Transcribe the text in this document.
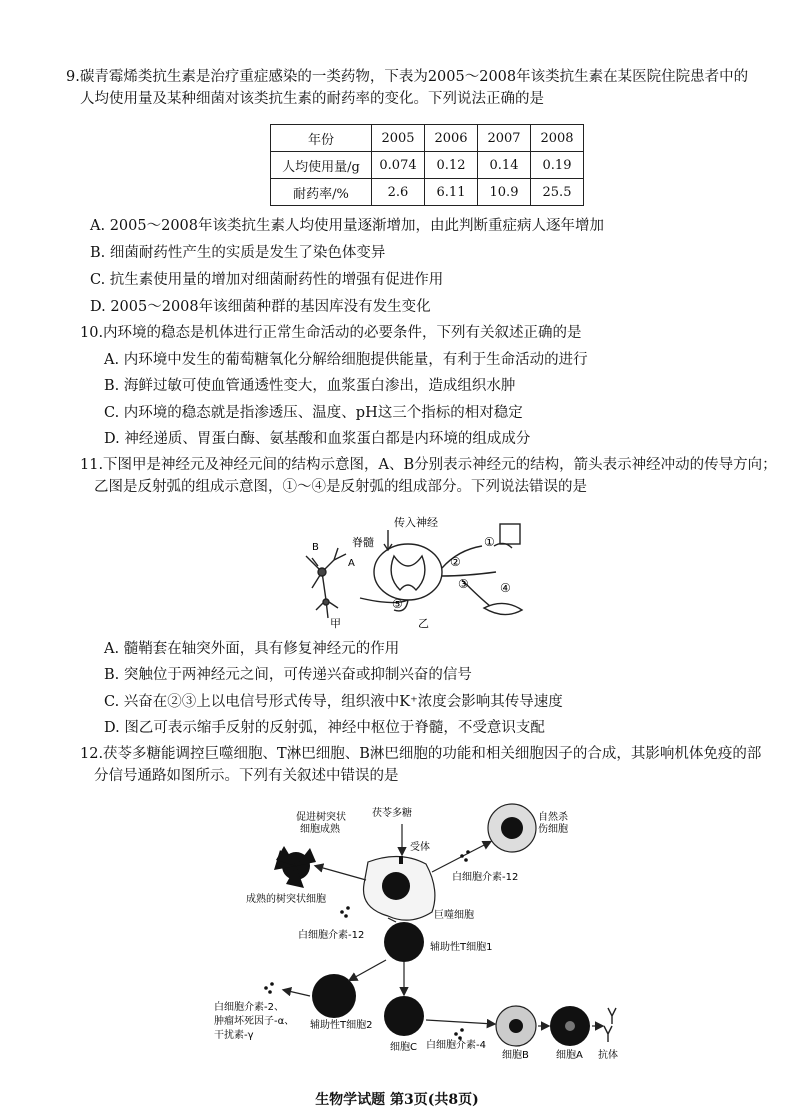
9.碳青霉烯类抗生素是治疗重症感染的一类药物，下表为2005～2008年该类抗生素在某医院住院患者中的
人均使用量及某种细菌对该类抗生素的耐药率的变化。下列说法正确的是
年份	2005	2006	2007	2008
人均使用量/g	0.074	0.12	0.14	0.19
耐药率/%	2.6	6.11	10.9	25.5
A. 2005～2008年该类抗生素人均使用量逐渐增加，由此判断重症病人逐年增加
B. 细菌耐药性产生的实质是发生了染色体变异
C. 抗生素使用量的增加对细菌耐药性的增强有促进作用
D. 2005～2008年该细菌种群的基因库没有发生变化
10.内环境的稳态是机体进行正常生命活动的必要条件，下列有关叙述正确的是
A. 内环境中发生的葡萄糖氧化分解给细胞提供能量，有利于生命活动的进行
B. 海鲜过敏可使血管通透性变大，血浆蛋白渗出，造成组织水肿
C. 内环境的稳态就是指渗透压、温度、pH这三个指标的相对稳定
D. 神经递质、胃蛋白酶、氨基酸和血浆蛋白都是内环境的组成成分
11.下图甲是神经元及神经元间的结构示意图，A、B分别表示神经元的结构，箭头表示神经冲动的传导方向；
乙图是反射弧的组成示意图，①～④是反射弧的组成部分。下列说法错误的是
B
A
脊髓
传入神经
①
②
③	④
⑤
甲	乙
A. 髓鞘套在轴突外面，具有修复神经元的作用
B. 突触位于两神经元之间，可传递兴奋或抑制兴奋的信号
C. 兴奋在②③上以电信号形式传导，组织液中K⁺浓度会影响其传导速度
D. 图乙可表示缩手反射的反射弧，神经中枢位于脊髓，不受意识支配
12.茯苓多糖能调控巨噬细胞、T淋巴细胞、B淋巴细胞的功能和相关细胞因子的合成，其影响机体免疫的部
分信号通路如图所示。下列有关叙述中错误的是
促进树突状
细胞成熟
茯苓多糖
受体
自然杀
伤细胞
白细胞介素-12
成熟的树突状细胞
巨噬细胞
白细胞介素-12
辅助性T细胞1
白细胞介素-2、
肿瘤坏死因子-α、
干扰素-γ
辅助性T细胞2
细胞C 白细胞介素-4
细胞B	细胞A 抗体
生物学试题 第3页(共8页)
